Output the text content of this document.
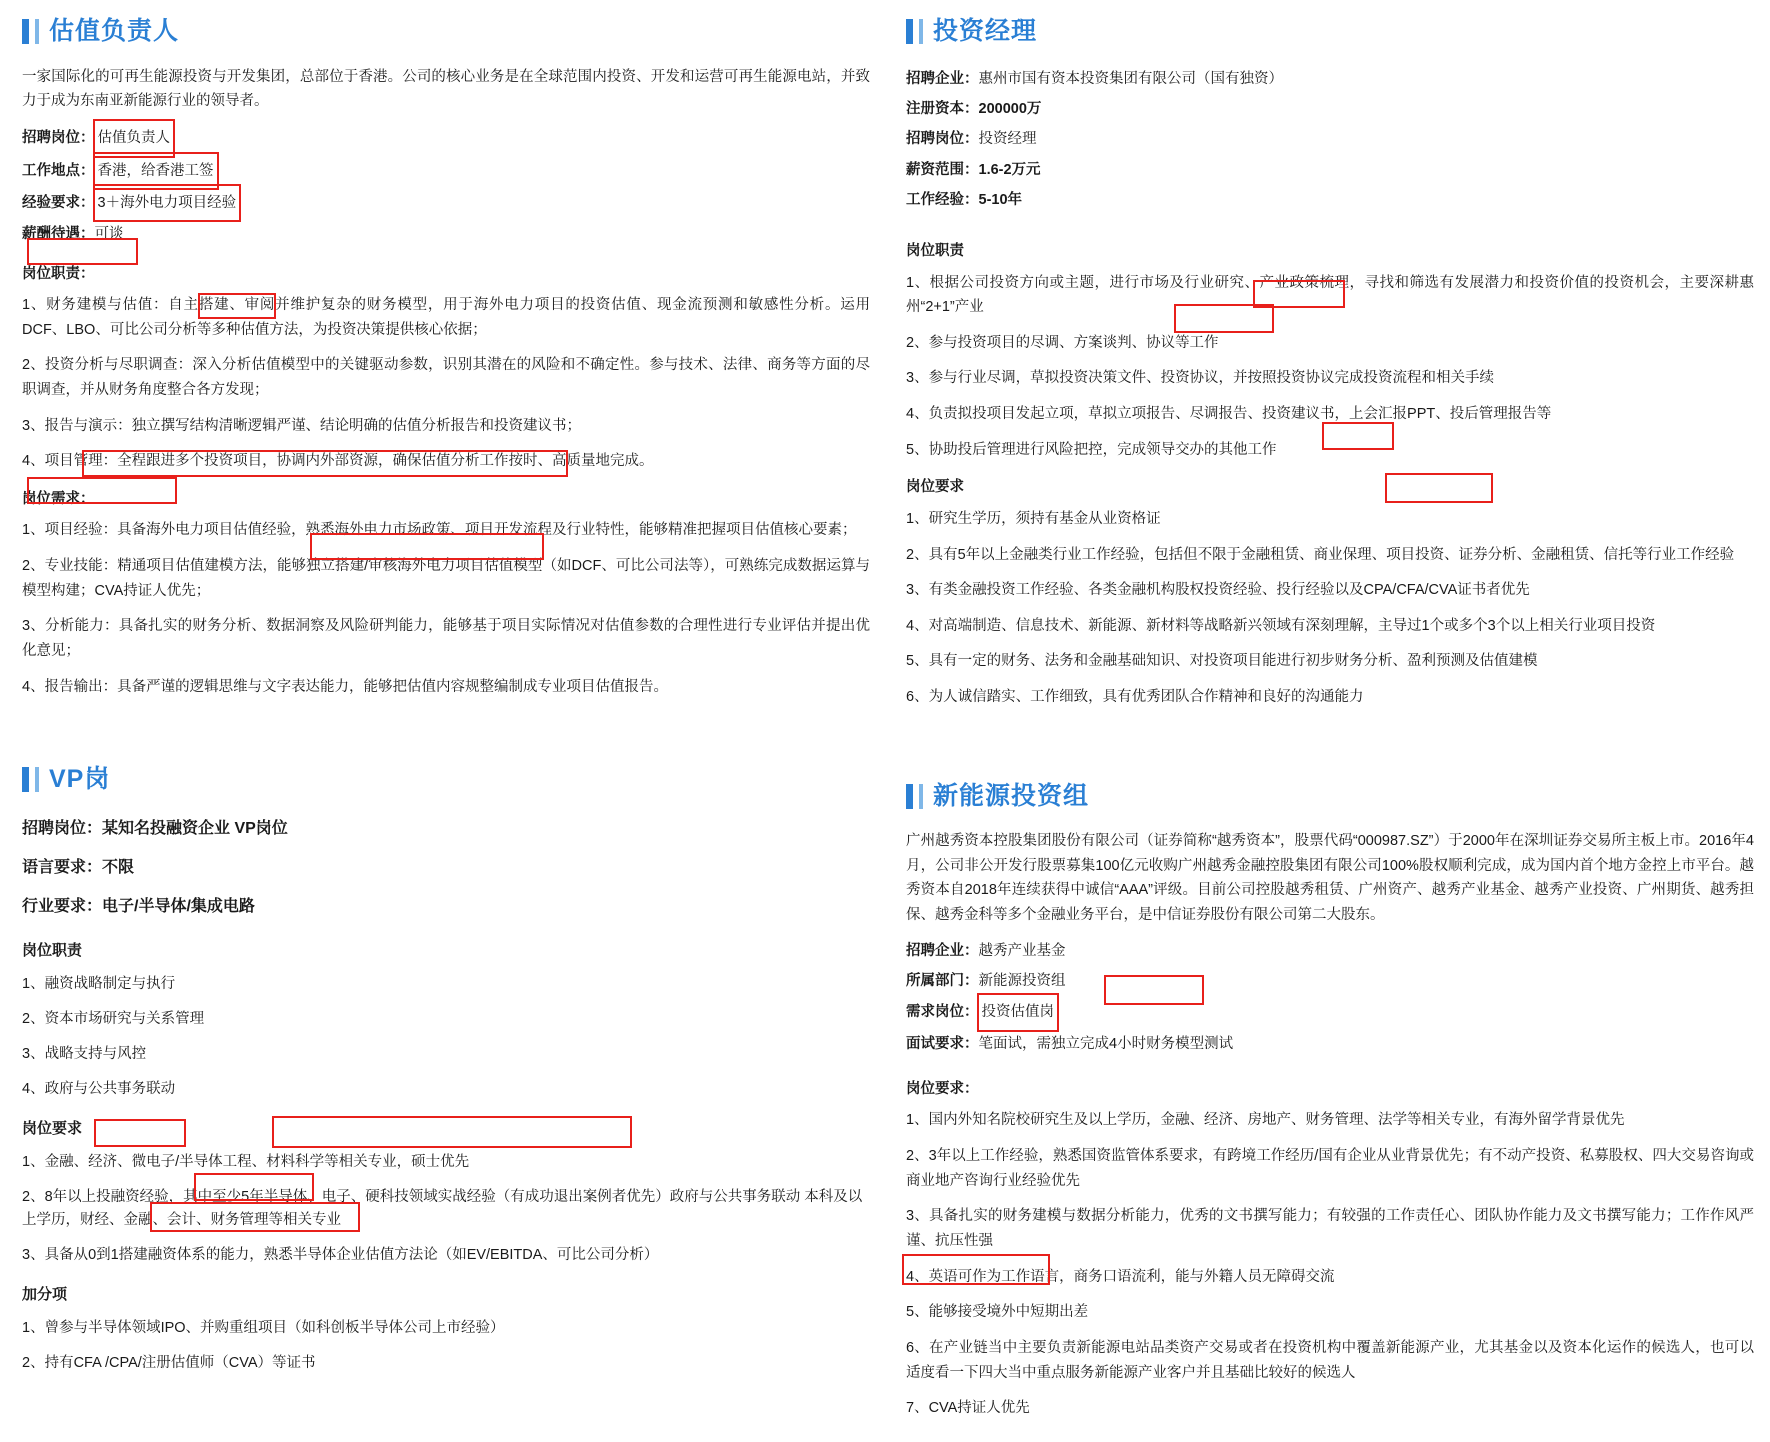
估值负责人

一家国际化的可再生能源投资与开发集团，总部位于香港。公司的核心业务是在全球范围内投资、开发和运营可再生能源电站，并致力于成为东南亚新能源行业的领导者。

招聘岗位： 估值负责人
工作地点： 香港，给香港工签
经验要求： 3＋海外电力项目经验
薪酬待遇：可谈
岗位职责：

1、财务建模与估值：自主搭建、审阅并维护复杂的财务模型，用于海外电力项目的投资估值、现金流预测和敏感性分析。运用DCF、LBO、可比公司分析等多种估值方法，为投资决策提供核心依据；

2、投资分析与尽职调查：深入分析估值模型中的关键驱动参数，识别其潜在的风险和不确定性。参与技术、法律、商务等方面的尽职调查，并从财务角度整合各方发现；

3、报告与演示：独立撰写结构清晰逻辑严谨、结论明确的估值分析报告和投资建议书；

4、项目管理：全程跟进多个投资项目，协调内外部资源，确保估值分析工作按时、高质量地完成。

岗位需求：

1、项目经验：具备海外电力项目估值经验，熟悉海外电力市场政策、项目开发流程及行业特性，能够精准把握项目估值核心要素；

2、专业技能：精通项目估值建模方法，能够独立搭建/审核海外电力项目估值模型（如DCF、可比公司法等），可熟练完成数据运算与模型构建；CVA持证人优先；

3、分析能力：具备扎实的财务分析、数据洞察及风险研判能力，能够基于项目实际情况对估值参数的合理性进行专业评估并提出优化意见；

4、报告输出：具备严谨的逻辑思维与文字表达能力，能够把估值内容规整编制成专业项目估值报告。

VP岗
招聘岗位：某知名投融资企业 VP岗位
语言要求：不限
行业要求：电子/半导体/集成电路
岗位职责

1、融资战略制定与执行

2、资本市场研究与关系管理

3、战略支持与风控

4、政府与公共事务联动

岗位要求

1、金融、经济、微电子/半导体工程、材料科学等相关专业，硕士优先

2、8年以上投融资经验，其中至少5年半导体、电子、硬科技领域实战经验（有成功退出案例者优先）政府与公共事务联动 本科及以上学历，财经、金融、会计、财务管理等相关专业

3、具备从0到1搭建融资体系的能力，熟悉半导体企业估值方法论（如EV/EBITDA、可比公司分析）

加分项

1、曾参与半导体领域IPO、并购重组项目（如科创板半导体公司上市经验）

2、持有CFA /CPA/注册估值师（CVA）等证书

投资经理
招聘企业：惠州市国有资本投资集团有限公司（国有独资）
注册资本：200000万
招聘岗位：投资经理
薪资范围：1.6-2万元
工作经验：5-10年
岗位职责

1、根据公司投资方向或主题，进行市场及行业研究、产业政策梳理，寻找和筛选有发展潜力和投资价值的投资机会，主要深耕惠州“2+1”产业

2、参与投资项目的尽调、方案谈判、协议等工作

3、参与行业尽调，草拟投资决策文件、投资协议，并按照投资协议完成投资流程和相关手续

4、负责拟投项目发起立项，草拟立项报告、尽调报告、投资建议书，上会汇报PPT、投后管理报告等

5、协助投后管理进行风险把控，完成领导交办的其他工作

岗位要求

1、研究生学历，须持有基金从业资格证

2、具有5年以上金融类行业工作经验，包括但不限于金融租赁、商业保理、项目投资、证券分析、金融租赁、信托等行业工作经验

3、有类金融投资工作经验、各类金融机构股权投资经验、投行经验以及CPA/CFA/CVA证书者优先

4、对高端制造、信息技术、新能源、新材料等战略新兴领域有深刻理解，主导过1个或多个3个以上相关行业项目投资

5、具有一定的财务、法务和金融基础知识、对投资项目能进行初步财务分析、盈利预测及估值建模

6、为人诚信踏实、工作细致，具有优秀团队合作精神和良好的沟通能力

新能源投资组

广州越秀资本控股集团股份有限公司（证券简称“越秀资本”，股票代码“000987.SZ”）于2000年在深圳证券交易所主板上市。2016年4月，公司非公开发行股票募集100亿元收购广州越秀金融控股集团有限公司100%股权顺利完成，成为国内首个地方金控上市平台。越秀资本自2018年连续获得中诚信“AAA”评级。目前公司控股越秀租赁、广州资产、越秀产业基金、越秀产业投资、广州期货、越秀担保、越秀金科等多个金融业务平台，是中信证券股份有限公司第二大股东。

招聘企业：越秀产业基金
所属部门：新能源投资组
需求岗位： 投资估值岗
面试要求：笔面试，需独立完成4小时财务模型测试
岗位要求：

1、国内外知名院校研究生及以上学历，金融、经济、房地产、财务管理、法学等相关专业，有海外留学背景优先

2、3年以上工作经验，熟悉国资监管体系要求，有跨境工作经历/国有企业从业背景优先；有不动产投资、私募股权、四大交易咨询或商业地产咨询行业经验优先

3、具备扎实的财务建模与数据分析能力，优秀的文书撰写能力；有较强的工作责任心、团队协作能力及文书撰写能力；工作作风严谨、抗压性强

4、英语可作为工作语言，商务口语流利，能与外籍人员无障碍交流

5、能够接受境外中短期出差

6、在产业链当中主要负责新能源电站品类资产交易或者在投资机构中覆盖新能源产业，尤其基金以及资本化运作的候选人，也可以适度看一下四大当中重点服务新能源产业客户并且基础比较好的候选人

7、CVA持证人优先
